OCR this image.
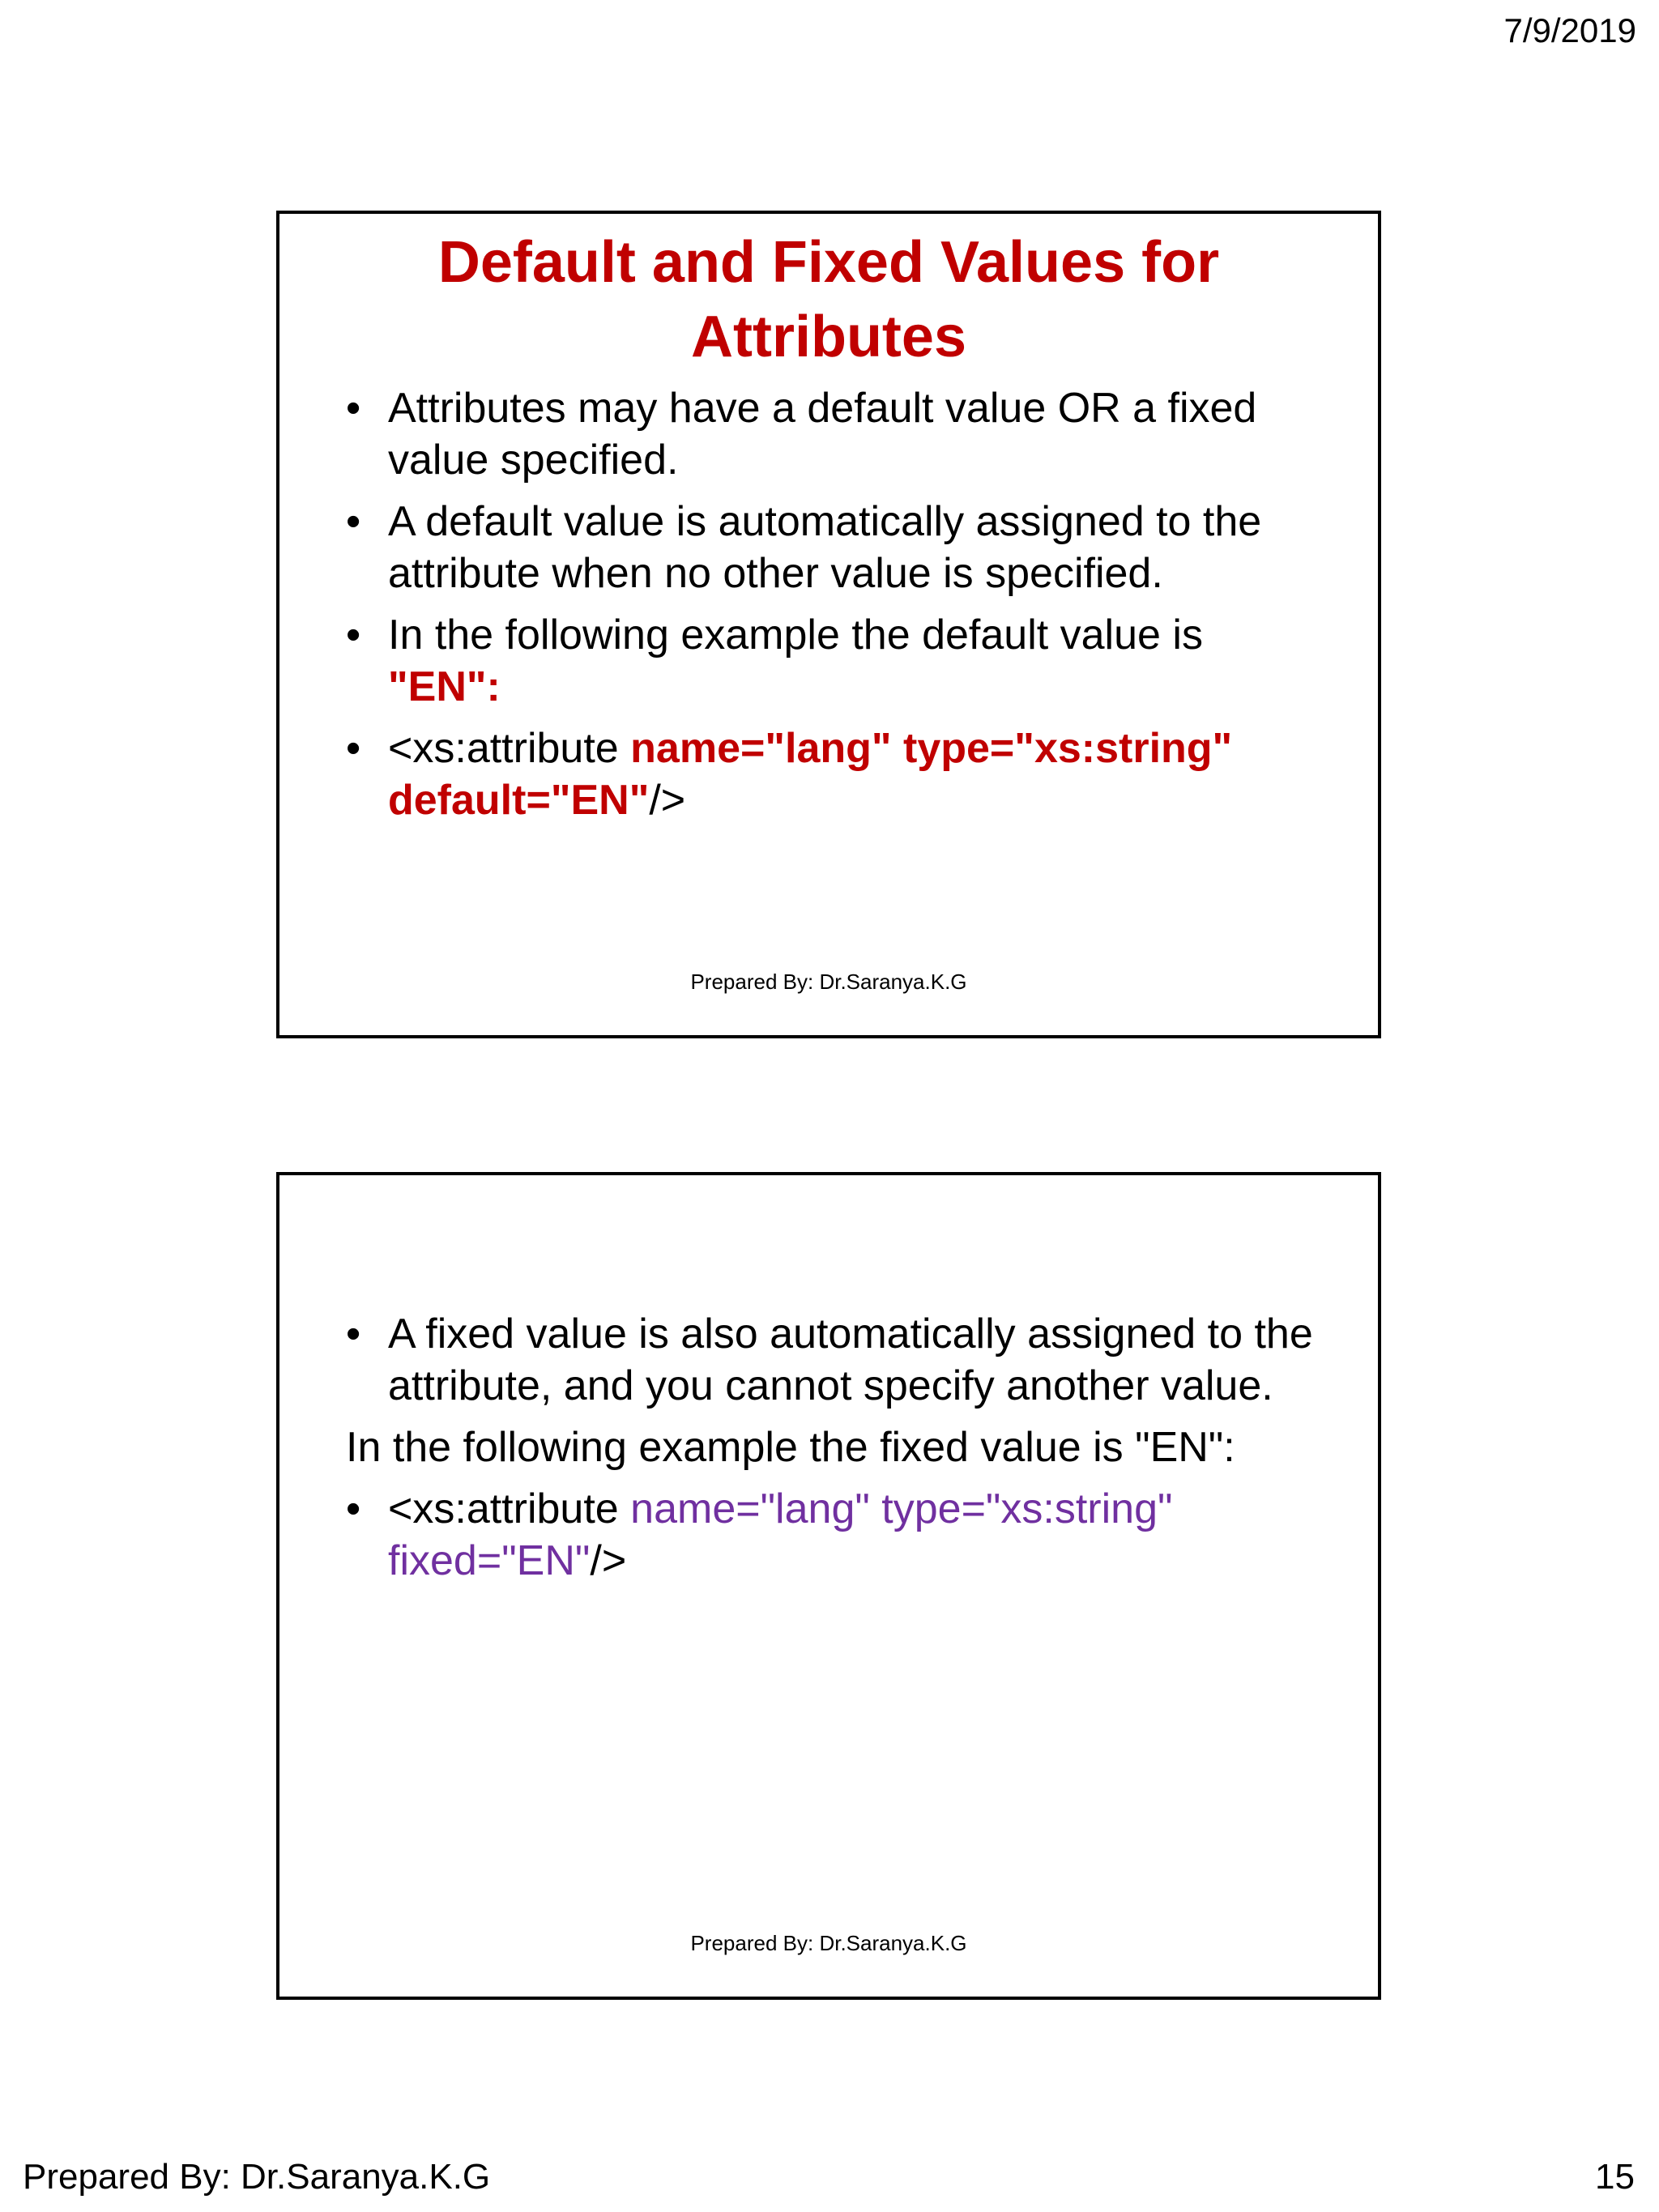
7/9/2019
Default and Fixed Values for
Attributes
• Attributes may have a default value OR a fixed value specified.
• A default value is automatically assigned to the attribute when no other value is specified.
• In the following example the default value is
"EN":
• <xs:attribute name="lang" type="xs:string"
default="EN"/>
Prepared By: Dr.Saranya.K.G
• A fixed value is also automatically assigned to the attribute, and you cannot specify another value.
In the following example the fixed value is "EN":
• <xs:attribute name="lang" type="xs:string"
fixed="EN"/>
Prepared By: Dr.Saranya.K.G
Prepared By: Dr.Saranya.K.G	15
